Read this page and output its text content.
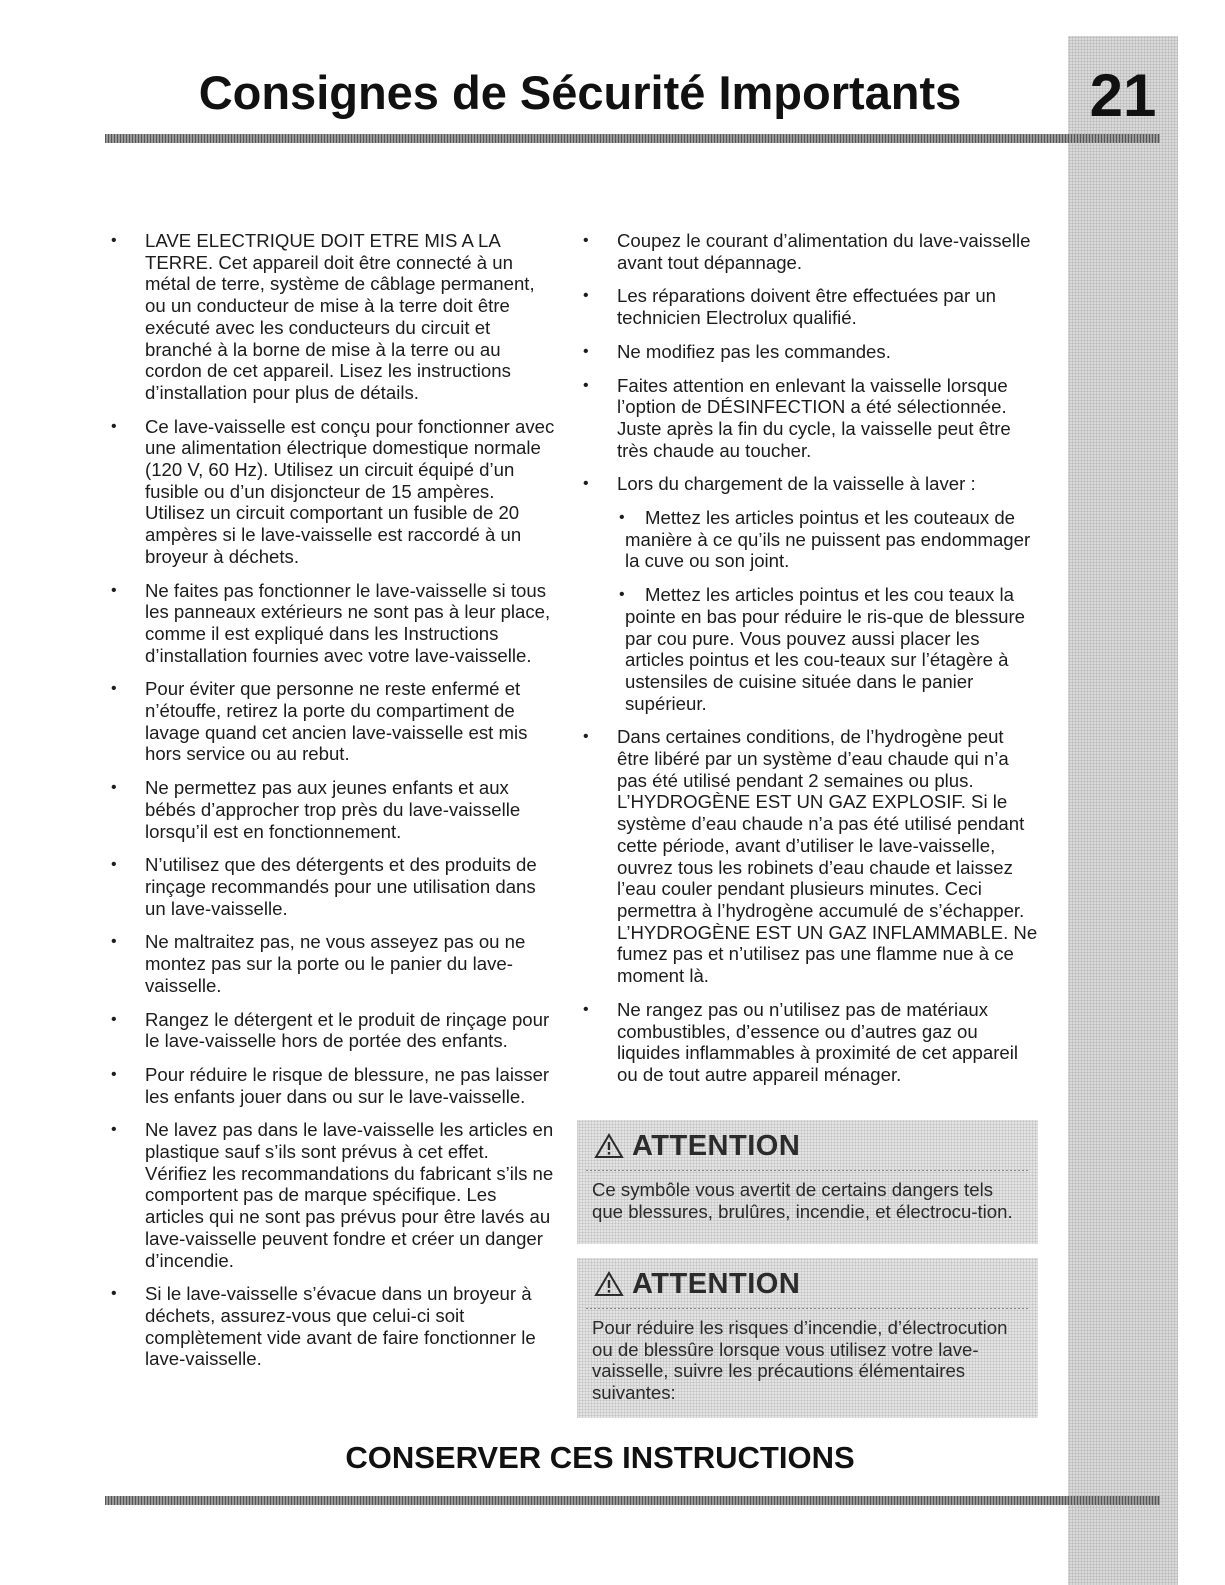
21
Consignes de Sécurité Importants
• LAVE ELECTRIQUE DOIT ETRE MIS A LA TERRE. Cet appareil doit être connecté à un métal de terre, système de câblage permanent, ou un conducteur de mise à la terre doit être exécuté avec les conducteurs du circuit et branché à la borne de mise à la terre ou au cordon de cet appareil. Lisez les instructions d’installation pour plus de détails.
• Ce lave-vaisselle est conçu pour fonctionner avec une alimentation électrique domestique normale (120 V, 60 Hz). Utilisez un circuit équipé d’un fusible ou d’un disjoncteur de 15 ampères. Utilisez un circuit comportant un fusible de 20 ampères si le lave-vaisselle est raccordé à un broyeur à déchets.
• Ne faites pas fonctionner le lave-vaisselle si tous les panneaux extérieurs ne sont pas à leur place, comme il est expliqué dans les Instructions d’installation fournies avec votre lave-vaisselle.
• Pour éviter que personne ne reste enfermé et n’étouffe, retirez la porte du compartiment de lavage quand cet ancien lave-vaisselle est mis hors service ou au rebut.
• Ne permettez pas aux jeunes enfants et aux bébés d’approcher trop près du lave-vaisselle lorsqu’il est en fonctionnement.
• N’utilisez que des détergents et des produits de rinçage recommandés pour une utilisation dans un lave-vaisselle.
• Ne maltraitez pas, ne vous asseyez pas ou ne montez pas sur la porte ou le panier du lave-vaisselle.
• Rangez le détergent et le produit de rinçage pour le lave-vaisselle hors de portée des enfants.
• Pour réduire le risque de blessure, ne pas laisser les enfants jouer dans ou sur le lave-vaisselle.
• Ne lavez pas dans le lave-vaisselle les articles en plastique sauf s’ils sont prévus à cet effet. Vérifiez les recommandations du fabricant s’ils ne comportent pas de marque spécifique. Les articles qui ne sont pas prévus pour être lavés au lave-vaisselle peuvent fondre et créer un danger d’incendie.
• Si le lave-vaisselle s’évacue dans un broyeur à déchets, assurez-vous que celui-ci soit complètement vide avant de faire fonctionner le lave-vaisselle.
• Coupez le courant d’alimentation du lave-vaisselle avant tout dépannage.
• Les réparations doivent être effectuées par un technicien Electrolux qualifié.
• Ne modifiez pas les commandes.
• Faites attention en enlevant la vaisselle lorsque l’option de DÉSINFECTION a été sélectionnée. Juste après la fin du cycle, la vaisselle peut être très chaude au toucher.
• Lors du chargement de la vaisselle à laver :
•	Mettez les articles pointus et les couteaux de manière à ce qu’ils ne puissent pas endommager la cuve ou son joint.
•	Mettez les articles pointus et les cou teaux la pointe en bas pour réduire le ris-que de blessure par cou pure. Vous pouvez aussi placer les articles pointus et les cou-teaux sur l’étagère à ustensiles de cuisine située dans le panier supérieur.
• Dans certaines conditions, de l’hydrogène peut être libéré par un système d’eau chaude qui n’a pas été utilisé pendant 2 semaines ou plus. L’HYDROGÈNE EST UN GAZ EXPLOSIF. Si le système d’eau chaude n’a pas été utilisé pendant cette période, avant d’utiliser le lave-vaisselle, ouvrez tous les robinets d’eau chaude et laissez l’eau couler pendant plusieurs minutes. Ceci permettra à l’hydrogène accumulé de s’échapper. L’HYDROGÈNE EST UN GAZ INFLAMMABLE. Ne fumez pas et n’utilisez pas une flamme nue à ce moment là.
• Ne rangez pas ou n’utilisez pas de matériaux combustibles, d’essence ou d’autres gaz ou liquides inflammables à proximité de cet appareil ou de tout autre appareil ménager.
ATTENTION

Ce symbôle vous avertit de certains dangers tels que blessures, brulûres, incendie, et électrocu-tion.

ATTENTION

Pour réduire les risques d’incendie, d’électrocution ou de blessûre lorsque vous utilisez votre lave-vaisselle, suivre les précautions élémentaires suivantes:

CONSERVER CES INSTRUCTIONS
